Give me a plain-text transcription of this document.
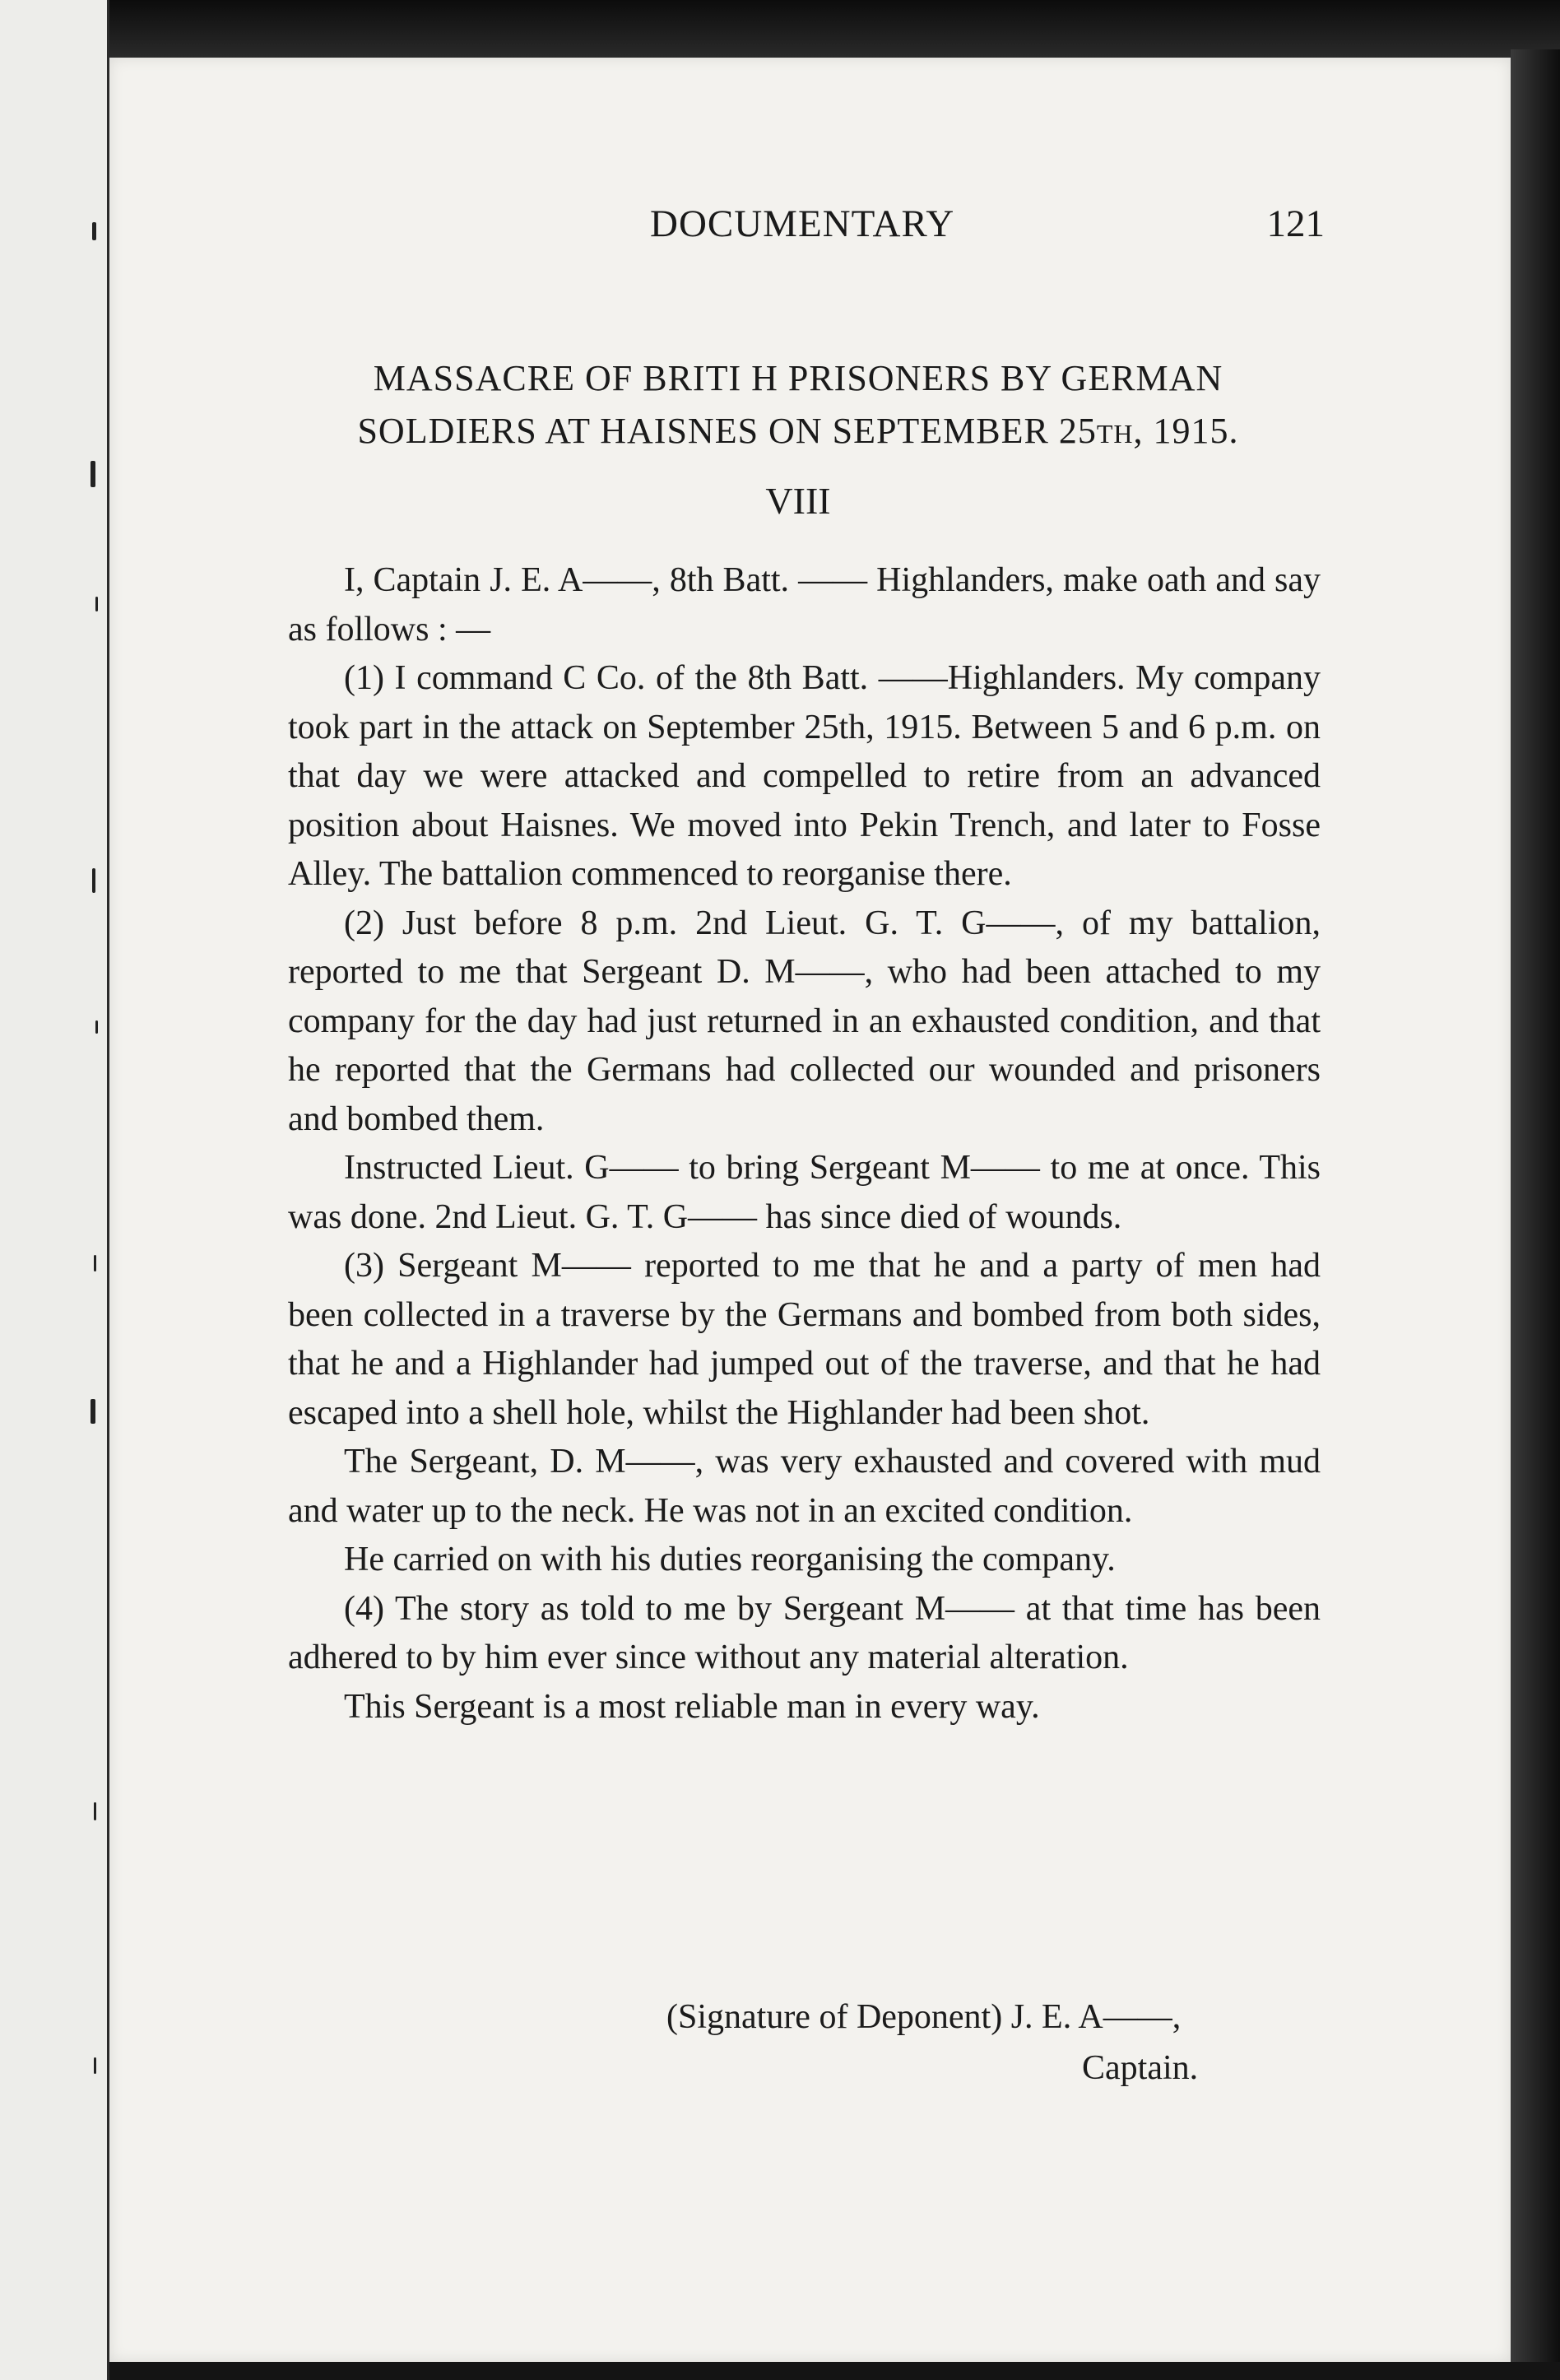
DOCUMENTARY	121
MASSACRE OF BRITI H PRISONERS BY GERMAN
SOLDIERS AT HAISNES ON SEPTEMBER 25TH, 1915.
VIII

I, Captain J. E. A——, 8th Batt. —— Highlanders, make oath and say as follows : —

(1) I command C Co. of the 8th Batt. ——Highlanders. My company took part in the attack on September 25th, 1915. Between 5 and 6 p.m. on that day we were attacked and compelled to retire from an advanced position about Haisnes. We moved into Pekin Trench, and later to Fosse Alley. The battalion commenced to reorganise there.

(2) Just before 8 p.m. 2nd Lieut. G. T. G——, of my battalion, reported to me that Sergeant D. M——, who had been attached to my company for the day had just returned in an exhausted condition, and that he reported that the Germans had collected our wounded and prisoners and bombed them.

Instructed Lieut. G—— to bring Sergeant M—— to me at once. This was done. 2nd Lieut. G. T. G—— has since died of wounds.

(3) Sergeant M—— reported to me that he and a party of men had been collected in a traverse by the Germans and bombed from both sides, that he and a Highlander had jumped out of the traverse, and that he had escaped into a shell hole, whilst the Highlander had been shot.

The Sergeant, D. M——, was very exhausted and covered with mud and water up to the neck. He was not in an excited condition.

He carried on with his duties reorganising the company.

(4) The story as told to me by Sergeant M—— at that time has been adhered to by him ever since without any material alteration.

This Sergeant is a most reliable man in every way.

(Signature of Deponent) J. E. A——,
Captain.
